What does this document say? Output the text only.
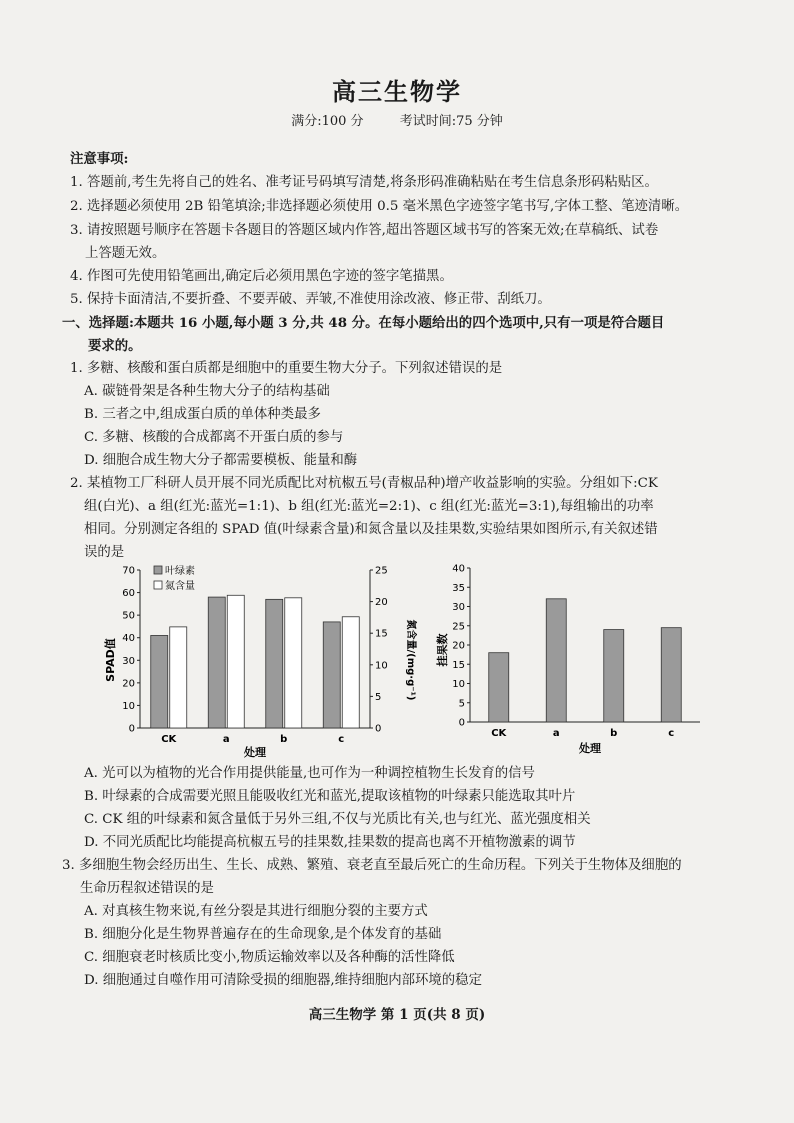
高三生物学
满分:100 分	考试时间:75 分钟
注意事项:
1. 答题前,考生先将自己的姓名、准考证号码填写清楚,将条形码准确粘贴在考生信息条形码粘贴区。
2. 选择题必须使用 2B 铅笔填涂;非选择题必须使用 0.5 毫米黑色字迹签字笔书写,字体工整、笔迹清晰。
3. 请按照题号顺序在答题卡各题目的答题区域内作答,超出答题区域书写的答案无效;在草稿纸、试卷
上答题无效。
4. 作图可先使用铅笔画出,确定后必须用黑色字迹的签字笔描黑。
5. 保持卡面清洁,不要折叠、不要弄破、弄皱,不准使用涂改液、修正带、刮纸刀。
一、选择题:本题共 16 小题,每小题 3 分,共 48 分。在每小题给出的四个选项中,只有一项是符合题目
要求的。
1. 多糖、核酸和蛋白质都是细胞中的重要生物大分子。下列叙述错误的是
A. 碳链骨架是各种生物大分子的结构基础
B. 三者之中,组成蛋白质的单体种类最多
C. 多糖、核酸的合成都离不开蛋白质的参与
D. 细胞合成生物大分子都需要模板、能量和酶
2. 某植物工厂科研人员开展不同光质配比对杭椒五号(青椒品种)增产收益影响的实验。分组如下:CK
组(白光)、a 组(红光:蓝光=1:1)、b 组(红光:蓝光=2:1)、c 组(红光:蓝光=3:1),每组输出的功率
相同。分别测定各组的 SPAD 值(叶绿素含量)和氮含量以及挂果数,实验结果如图所示,有关叙述错
误的是
SPAD值	氮含量/(mg·g⁻¹)
处理
叶绿素
氮含量
0
10
20
30
40
50
60
70
0
5
10
15
20
25
CK	a	b	c
挂果数
处理
0
5
10
15
20
25
30
35
40
CK	a	b	c
A. 光可以为植物的光合作用提供能量,也可作为一种调控植物生长发育的信号
B. 叶绿素的合成需要光照且能吸收红光和蓝光,提取该植物的叶绿素只能选取其叶片
C. CK 组的叶绿素和氮含量低于另外三组,不仅与光质比有关,也与红光、蓝光强度相关
D. 不同光质配比均能提高杭椒五号的挂果数,挂果数的提高也离不开植物激素的调节
3. 多细胞生物会经历出生、生长、成熟、繁殖、衰老直至最后死亡的生命历程。下列关于生物体及细胞的
生命历程叙述错误的是
A. 对真核生物来说,有丝分裂是其进行细胞分裂的主要方式
B. 细胞分化是生物界普遍存在的生命现象,是个体发育的基础
C. 细胞衰老时核质比变小,物质运输效率以及各种酶的活性降低
D. 细胞通过自噬作用可清除受损的细胞器,维持细胞内部环境的稳定
高三生物学 第 1 页(共 8 页)
